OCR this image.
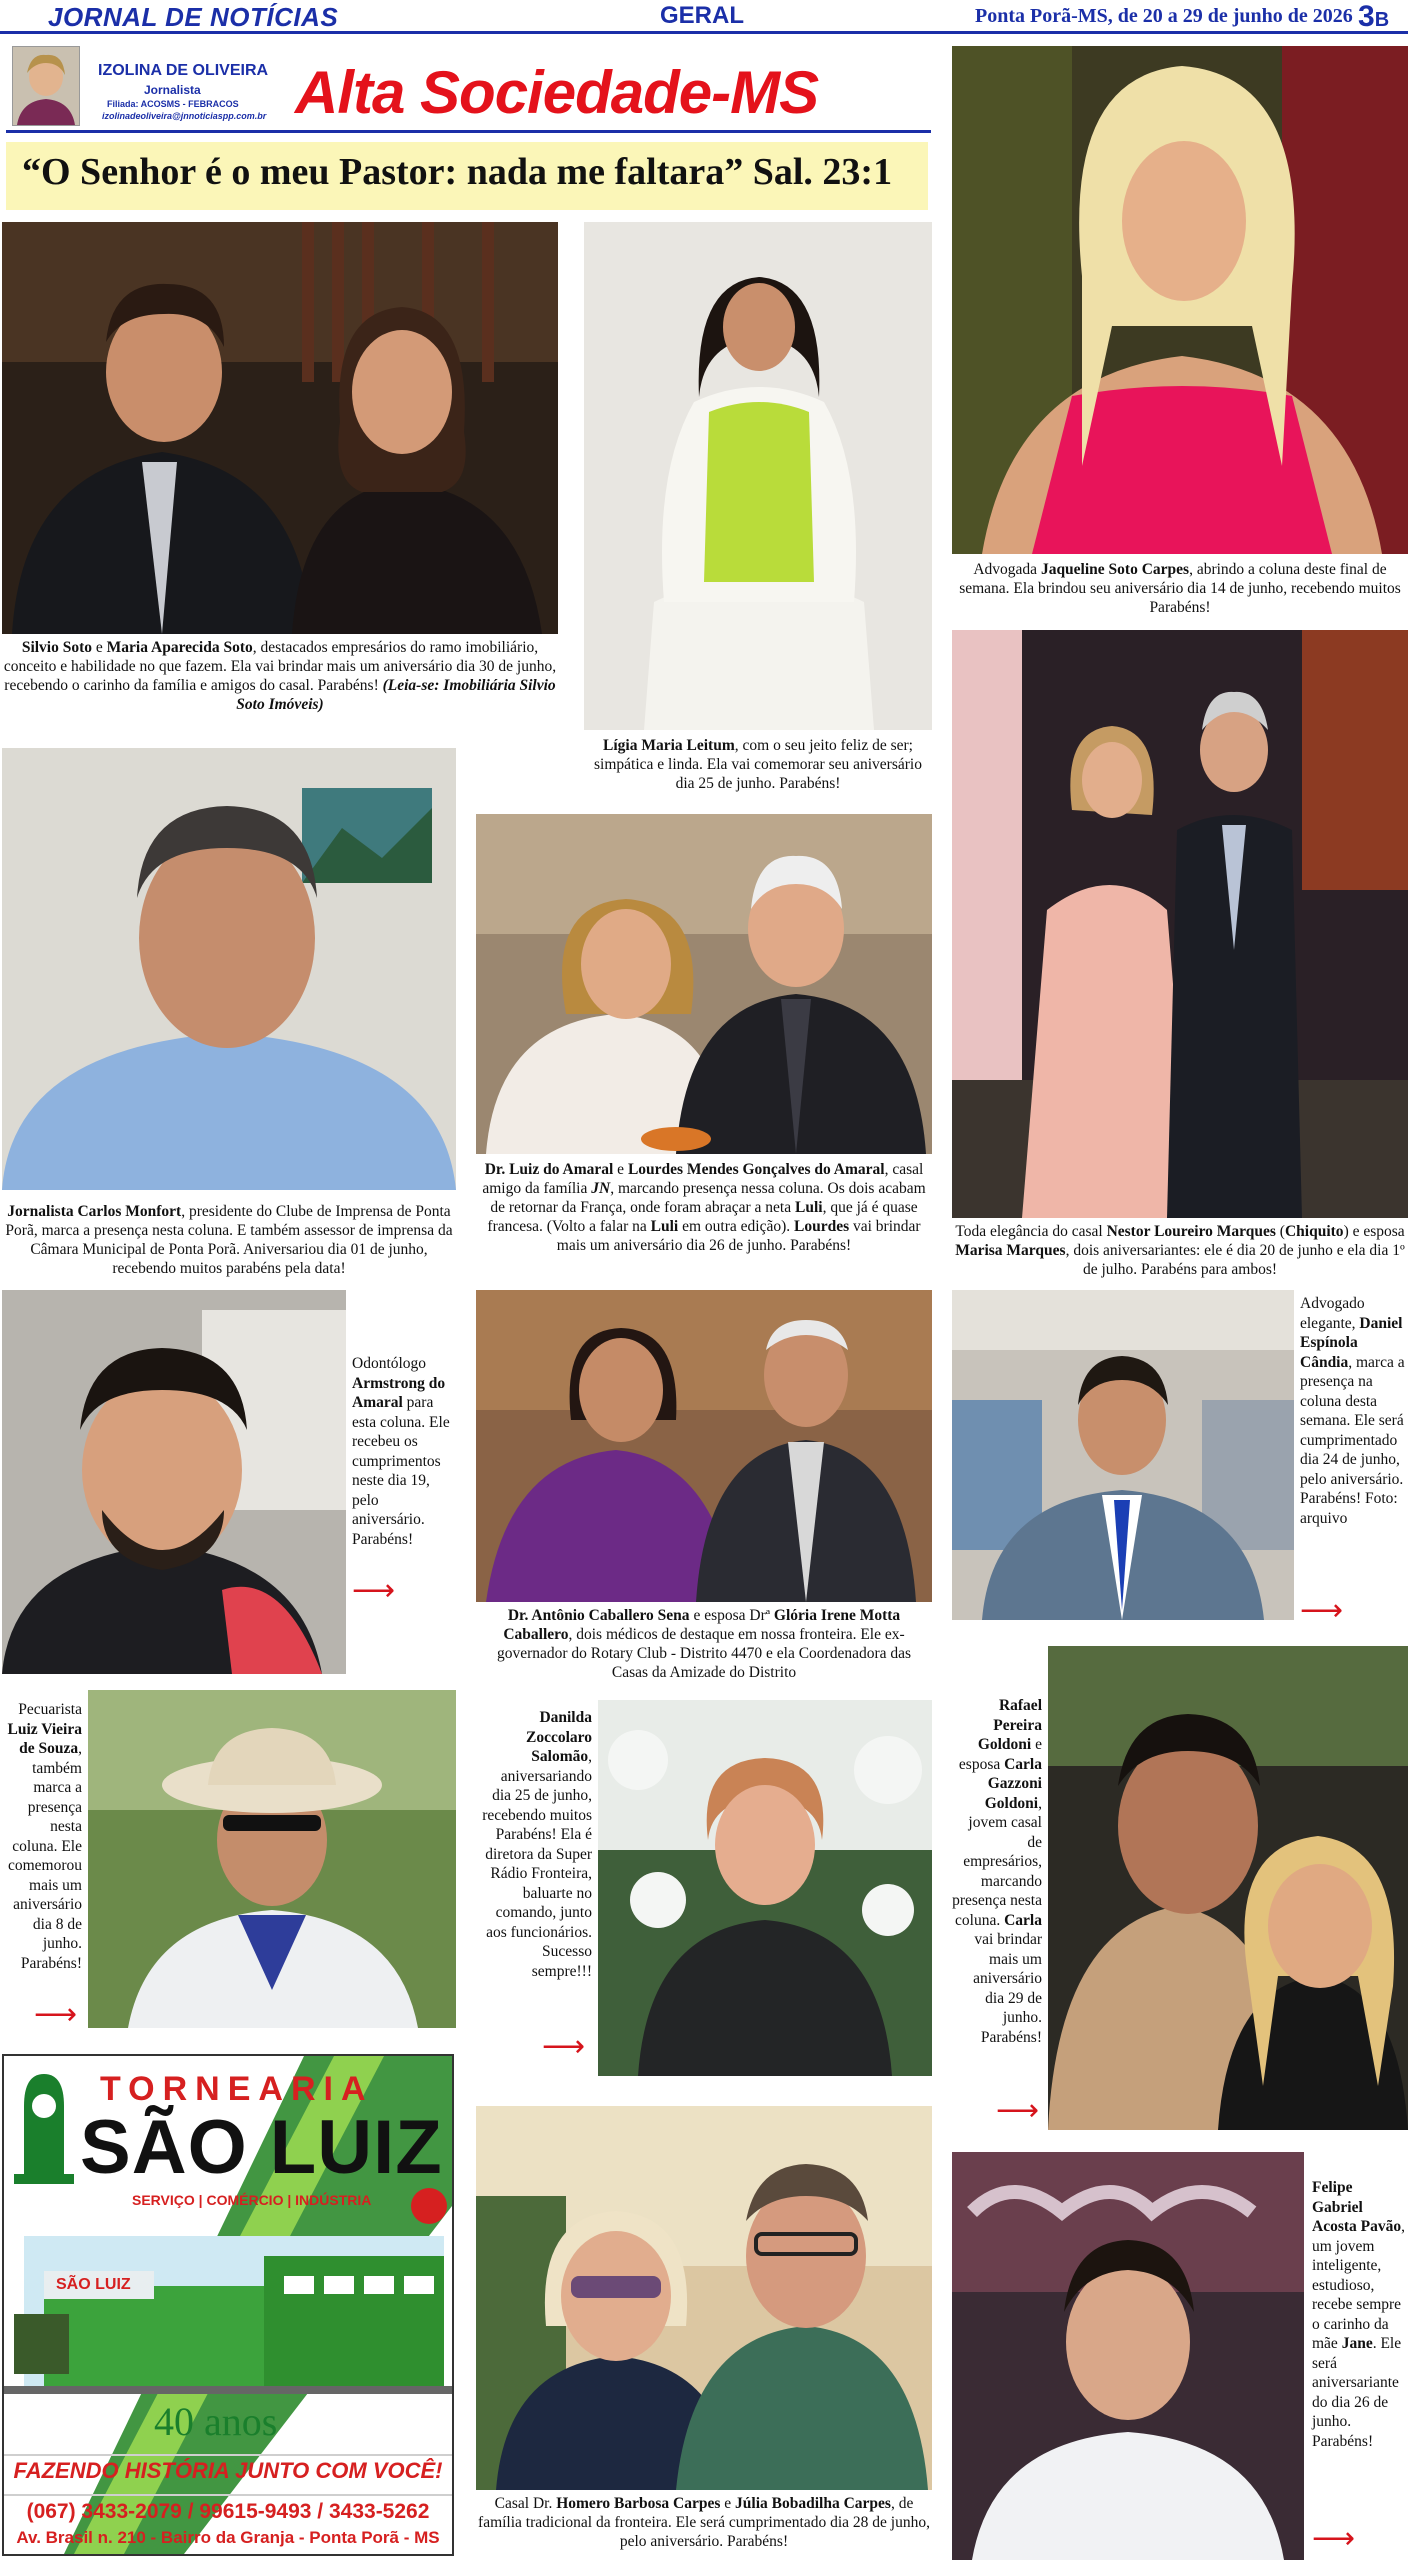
JORNAL DE NOTÍCIAS	GERAL	Ponta Porã-MS, de 20 a 29 de junho de 2026 3B
IZOLINA DE OLIVEIRA
Jornalista
Filiada: ACOSMS - FEBRACOS
izolinadeoliveira@jnnoticiaspp.com.br Alta Sociedade-MS
“O Senhor é o meu Pastor: nada me faltara” Sal. 23:1
Silvio Soto e Maria Aparecida Soto, destacados empresários do ramo imobiliário, conceito e habilidade no que fazem. Ela vai brindar mais um aniversário dia 30 de junho, recebendo o carinho da família e amigos do casal. Parabéns! (Leia-se: Imobiliária Silvio Soto Imóveis)
Lígia Maria Leitum, com o seu jeito feliz de ser; simpática e linda. Ela vai comemorar seu aniversário dia 25 de junho. Parabéns!
Advogada Jaqueline Soto Carpes, abrindo a coluna deste final de semana. Ela brindou seu aniversário dia 14 de junho, recebendo muitos Parabéns!
Jornalista Carlos Monfort, presidente do Clube de Imprensa de Ponta Porã, marca a presença nesta coluna. E também assessor de imprensa da Câmara Municipal de Ponta Porã. Aniversariou dia 01 de junho, recebendo muitos parabéns pela data!
Dr. Luiz do Amaral e Lourdes Mendes Gonçalves do Amaral, casal amigo da família JN, marcando presença nessa coluna. Os dois acabam de retornar da França, onde foram abraçar a neta Luli, que já é quase francesa. (Volto a falar na Luli em outra edição). Lourdes vai brindar mais um aniversário dia 26 de junho. Parabéns!
Toda elegância do casal Nestor Loureiro Marques (Chiquito) e esposa Marisa Marques, dois aniversariantes: ele é dia 20 de junho e ela dia 1º de julho. Parabéns para ambos!
Odontólogo Armstrong do Amaral para esta coluna. Ele recebeu os cumprimentos neste dia 19, pelo aniversário. Parabéns!
⟶
Dr. Antônio Caballero Sena e esposa Drª Glória Irene Motta Caballero, dois médicos de destaque em nossa fronteira. Ele ex-governador do Rotary Club - Distrito 4470 e ela Coordenadora das Casas da Amizade do Distrito
Advogado elegante, Daniel Espínola Cândia, marca a presença na coluna desta semana. Ele será cumprimentado dia 24 de junho, pelo aniversário. Parabéns! Foto: arquivo
⟶
Pecuarista Luiz Vieira de Souza, também marca a presença nesta coluna. Ele comemorou mais um aniversário dia 8 de junho. Parabéns!
⟶
Danilda Zoccolaro Salomão, aniversariando dia 25 de junho, recebendo muitos Parabéns! Ela é diretora da Super Rádio Fronteira, baluarte no comando, junto aos funcionários. Sucesso sempre!!!
⟶
Rafael Pereira Goldoni e esposa Carla Gazzoni Goldoni, jovem casal de empresários, marcando presença nesta coluna. Carla vai brindar mais um aniversário dia 29 de junho. Parabéns!
⟶
Casal Dr. Homero Barbosa Carpes e Júlia Bobadilha Carpes, de família tradicional da fronteira. Ele será cumprimentado dia 28 de junho, pelo aniversário. Parabéns!
Felipe Gabriel Acosta Pavão, um jovem inteligente, estudioso, recebe sempre o carinho da mãe Jane. Ele será aniversariante do dia 26 de junho. Parabéns!
⟶
TORNEARIA
SÃO LUIZ
SERVIÇO | COMÉRCIO | INDÚSTRIA
SÃO LUIZ
40 anos
FAZENDO HISTÓRIA JUNTO COM VOCÊ!
(067) 3433-2079 / 99615-9493 / 3433-5262
Av. Brasil n. 210 - Bairro da Granja - Ponta Porã - MS
